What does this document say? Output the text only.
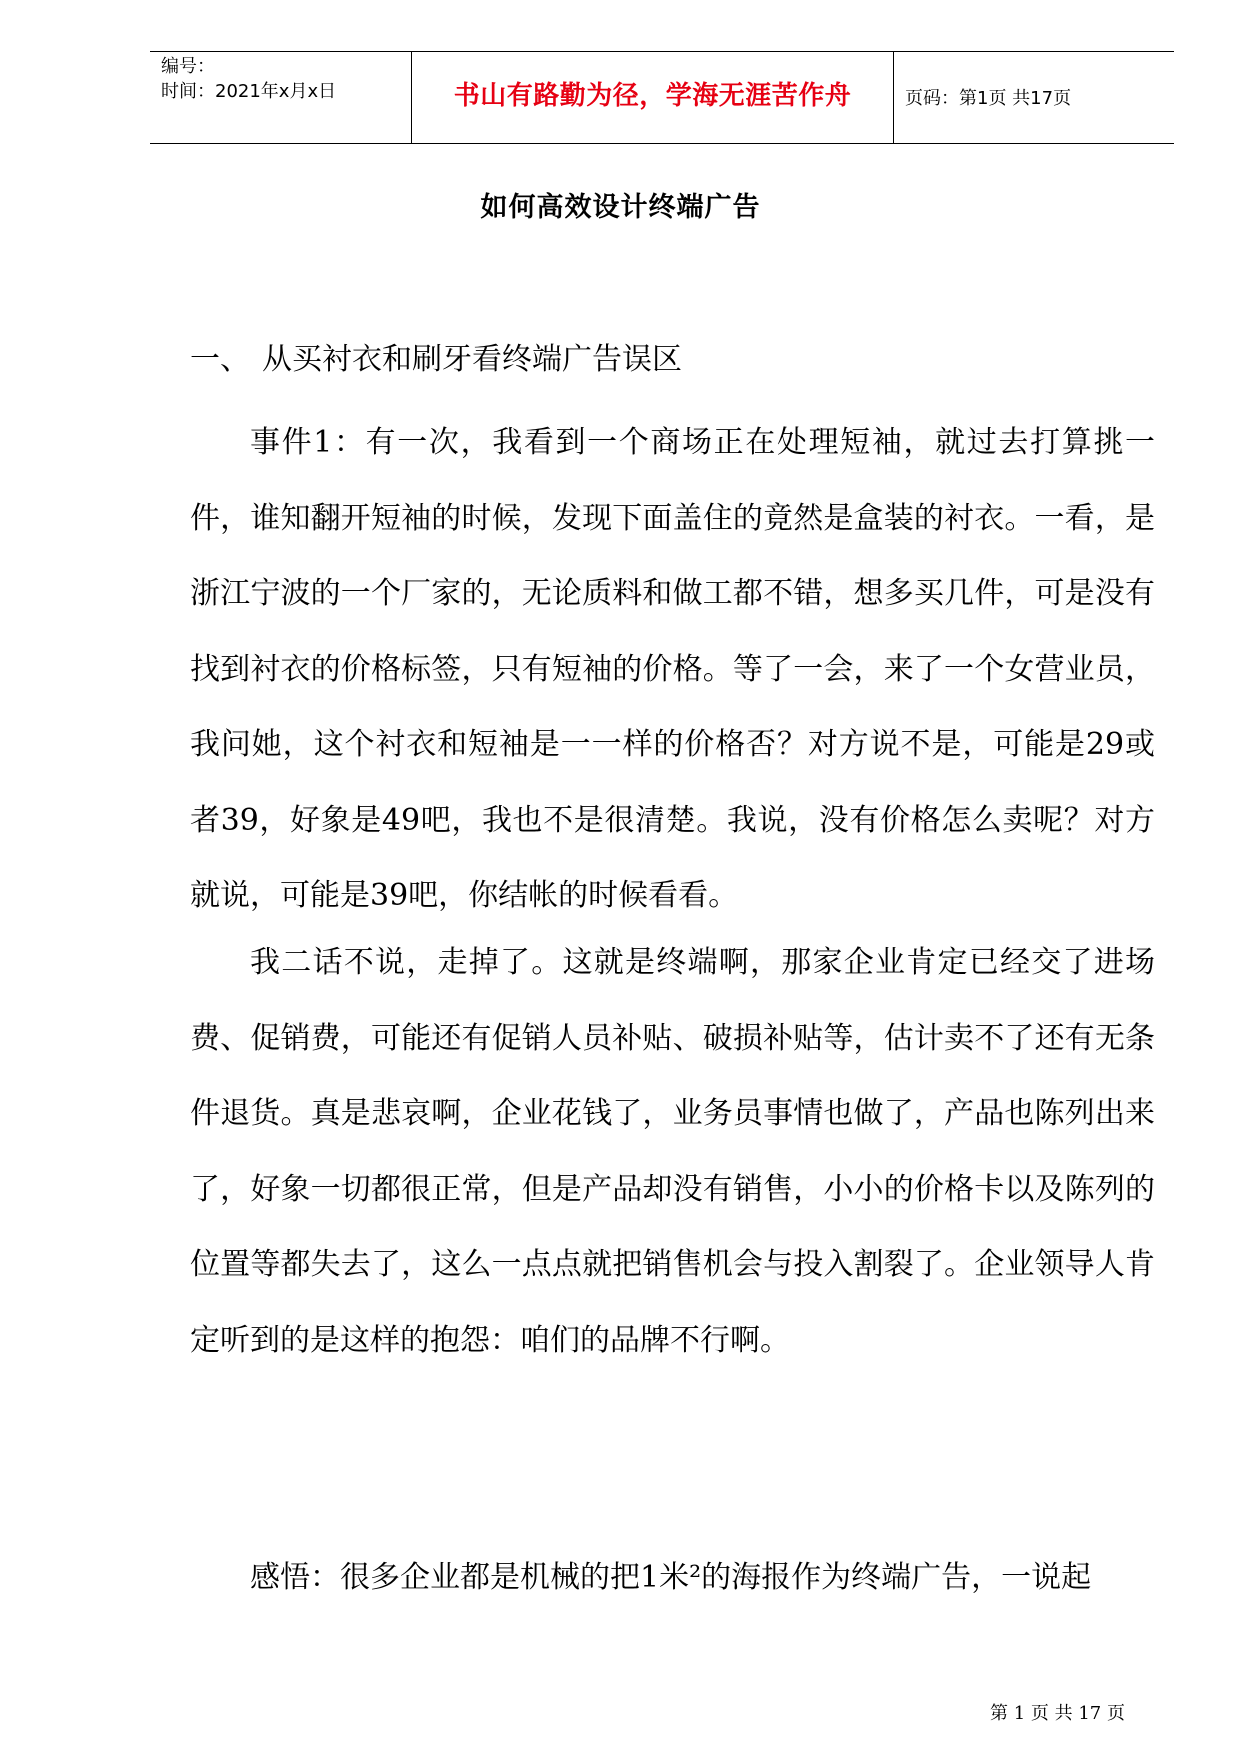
编号：
时间：2021年x月x日	书山有路勤为径，学海无涯苦作舟	页码：第1页 共17页
如何高效设计终端广告
一、 从买衬衣和刷牙看终端广告误区

事件1：有一次，我看到一个商场正在处理短袖，就过去打算挑一件，谁知翻开短袖的时候，发现下面盖住的竟然是盒装的衬衣。一看，是浙江宁波的一个厂家的，无论质料和做工都不错，想多买几件，可是没有找到衬衣的价格标签，只有短袖的价格。等了一会，来了一个女营业员，我问她，这个衬衣和短袖是一一样的价格否？对方说不是，可能是29或者39，好象是49吧，我也不是很清楚。我说，没有价格怎么卖呢？对方就说，可能是39吧，你结帐的时候看看。

我二话不说，走掉了。这就是终端啊，那家企业肯定已经交了进场费、促销费，可能还有促销人员补贴、破损补贴等，估计卖不了还有无条件退货。真是悲哀啊，企业花钱了，业务员事情也做了，产品也陈列出来了，好象一切都很正常，但是产品却没有销售，小小的价格卡以及陈列的位置等都失去了，这么一点点就把销售机会与投入割裂了。企业领导人肯定听到的是这样的抱怨：咱们的品牌不行啊。

感悟：很多企业都是机械的把1米²的海报作为终端广告，一说起

第 1 页 共 17 页
